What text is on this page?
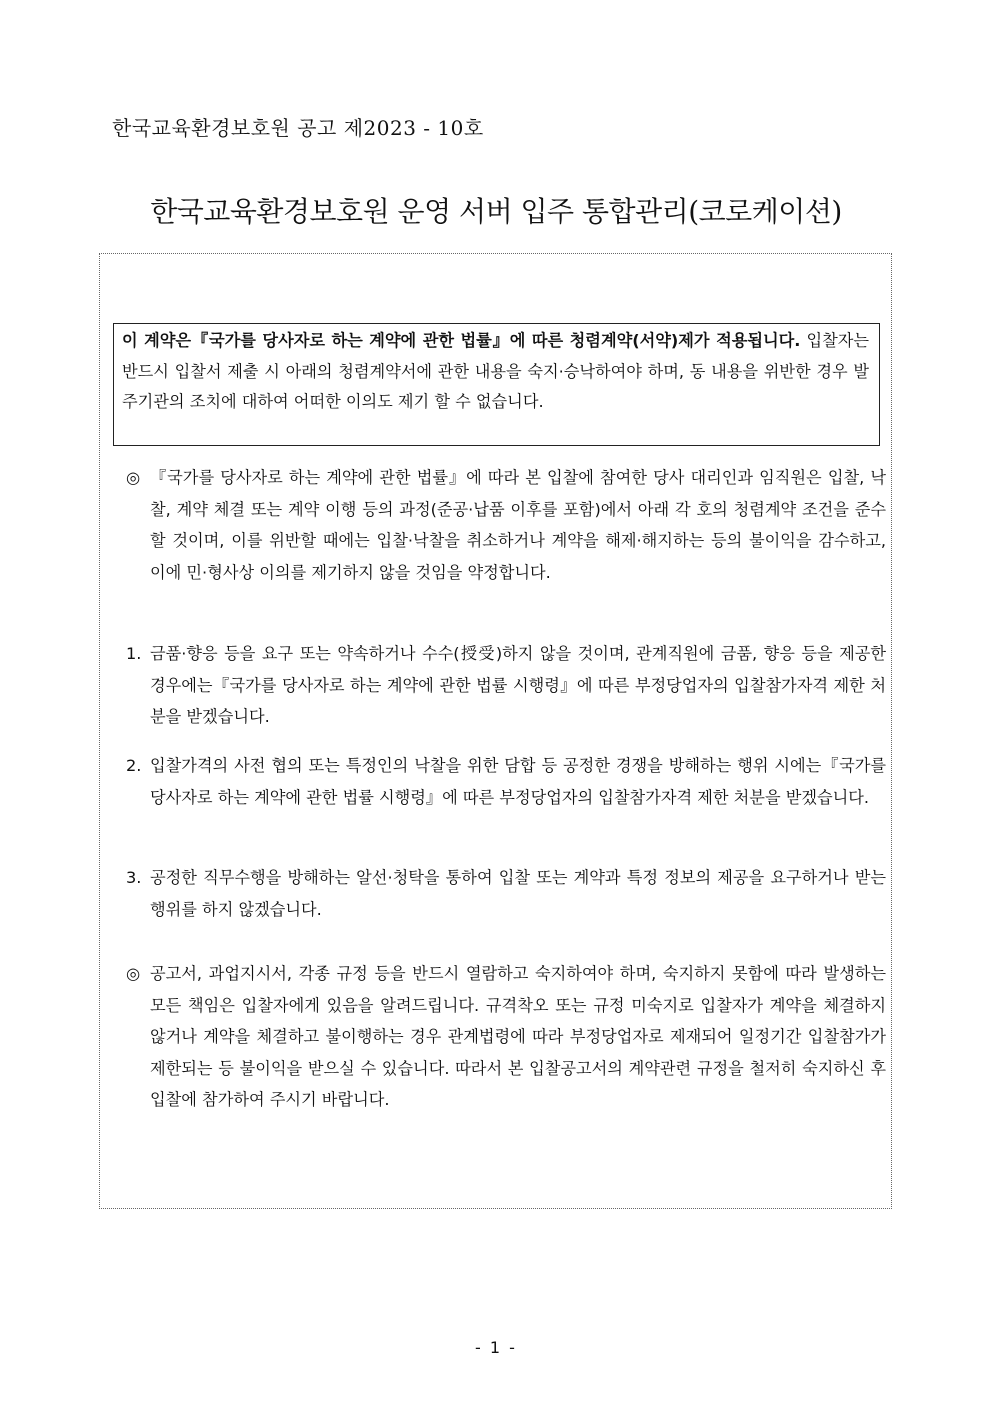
한국교육환경보호원 공고 제2023 - 10호
한국교육환경보호원 운영 서버 입주 통합관리(코로케이션)
이 계약은『국가를 당사자로 하는 계약에 관한 법률』에 따른 청렴계약(서약)제가 적용됩니다. 입찰자는 반드시 입찰서 제출 시 아래의 청렴계약서에 관한 내용을 숙지·승낙하여야 하며, 동 내용을 위반한 경우 발주기관의 조치에 대하여 어떠한 이의도 제기 할 수 없습니다.
◎ 『국가를 당사자로 하는 계약에 관한 법률』에 따라 본 입찰에 참여한 당사 대리인과 임직원은 입찰, 낙찰, 계약 체결 또는 계약 이행 등의 과정(준공·납품 이후를 포함)에서 아래 각 호의 청렴계약 조건을 준수할 것이며, 이를 위반할 때에는 입찰·낙찰을 취소하거나 계약을 해제·해지하는 등의 불이익을 감수하고, 이에 민·형사상 이의를 제기하지 않을 것임을 약정합니다.
1. 금품·향응 등을 요구 또는 약속하거나 수수(授受)하지 않을 것이며, 관계직원에 금품, 향응 등을 제공한 경우에는『국가를 당사자로 하는 계약에 관한 법률 시행령』에 따른 부정당업자의 입찰참가자격 제한 처분을 받겠습니다.
2. 입찰가격의 사전 협의 또는 특정인의 낙찰을 위한 담합 등 공정한 경쟁을 방해하는 행위 시에는『국가를 당사자로 하는 계약에 관한 법률 시행령』에 따른 부정당업자의 입찰참가자격 제한 처분을 받겠습니다.
3. 공정한 직무수행을 방해하는 알선·청탁을 통하여 입찰 또는 계약과 특정 정보의 제공을 요구하거나 받는 행위를 하지 않겠습니다.
◎ 공고서, 과업지시서, 각종 규정 등을 반드시 열람하고 숙지하여야 하며, 숙지하지 못함에 따라 발생하는 모든 책임은 입찰자에게 있음을 알려드립니다. 규격착오 또는 규정 미숙지로 입찰자가 계약을 체결하지 않거나 계약을 체결하고 불이행하는 경우 관계법령에 따라 부정당업자로 제재되어 일정기간 입찰참가가 제한되는 등 불이익을 받으실 수 있습니다. 따라서 본 입찰공고서의 계약관련 규정을 철저히 숙지하신 후 입찰에 참가하여 주시기 바랍니다.
- 1 -
